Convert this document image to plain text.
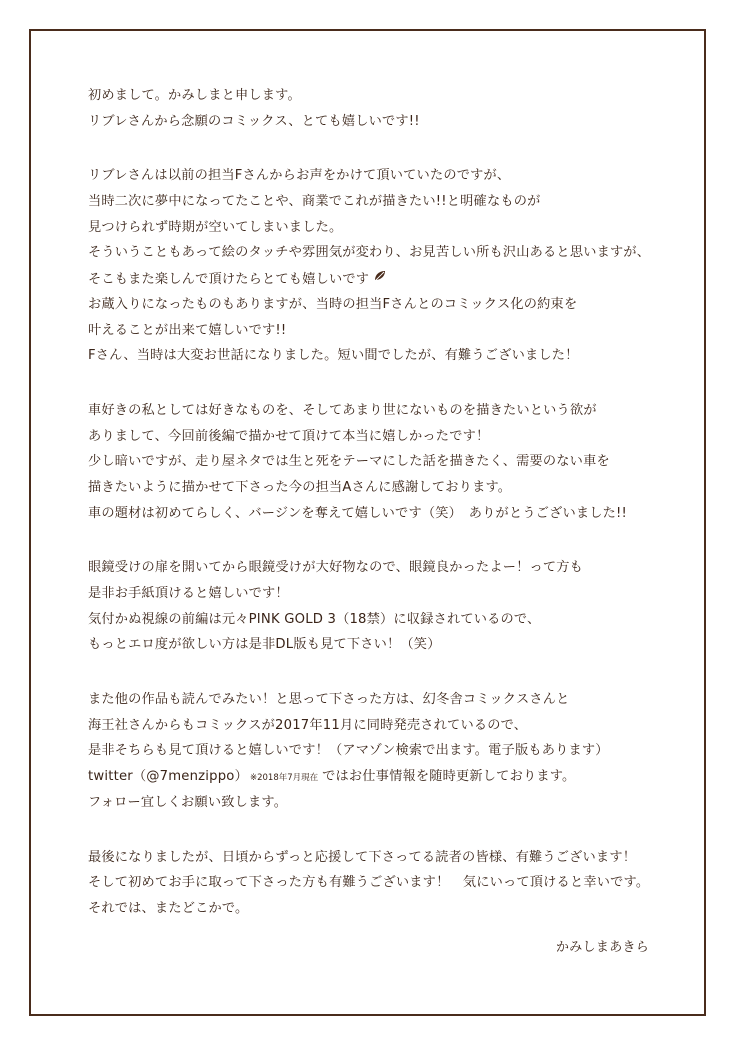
初めまして。かみしまと申します。
リブレさんから念願のコミックス、とても嬉しいです!!
リブレさんは以前の担当Fさんからお声をかけて頂いていたのですが、
当時二次に夢中になってたことや、商業でこれが描きたい!!と明確なものが
見つけられず時期が空いてしまいました。
そういうこともあって絵のタッチや雰囲気が変わり、お見苦しい所も沢山あると思いますが、
そこもまた楽しんで頂けたらとても嬉しいです
お蔵入りになったものもありますが、当時の担当Fさんとのコミックス化の約束を
叶えることが出来て嬉しいです!!
Fさん、当時は大変お世話になりました。短い間でしたが、有難うございました！
車好きの私としては好きなものを、そしてあまり世にないものを描きたいという欲が
ありまして、今回前後編で描かせて頂けて本当に嬉しかったです！
少し暗いですが、走り屋ネタでは生と死をテーマにした話を描きたく、需要のない車を
描きたいように描かせて下さった今の担当Aさんに感謝しております。
車の題材は初めてらしく、バージンを奪えて嬉しいです（笑）　ありがとうございました!!
眼鏡受けの扉を開いてから眼鏡受けが大好物なので、眼鏡良かったよー！って方も
是非お手紙頂けると嬉しいです！
気付かぬ視線の前編は元々PINK GOLD 3（18禁）に収録されているので、
もっとエロ度が欲しい方は是非DL版も見て下さい！（笑）
また他の作品も読んでみたい！と思って下さった方は、幻冬舎コミックスさんと
海王社さんからもコミックスが2017年11月に同時発売されているので、
是非そちらも見て頂けると嬉しいです！（アマゾン検索で出ます。電子版もあります）
twitter（@7menzippo） ※2018年7月現在 ではお仕事情報を随時更新しております。
フォロー宜しくお願い致します。
最後になりましたが、日頃からずっと応援して下さってる読者の皆様、有難うございます！
そして初めてお手に取って下さった方も有難うございます！　気にいって頂けると幸いです。
それでは、またどこかで。
かみしまあきら
